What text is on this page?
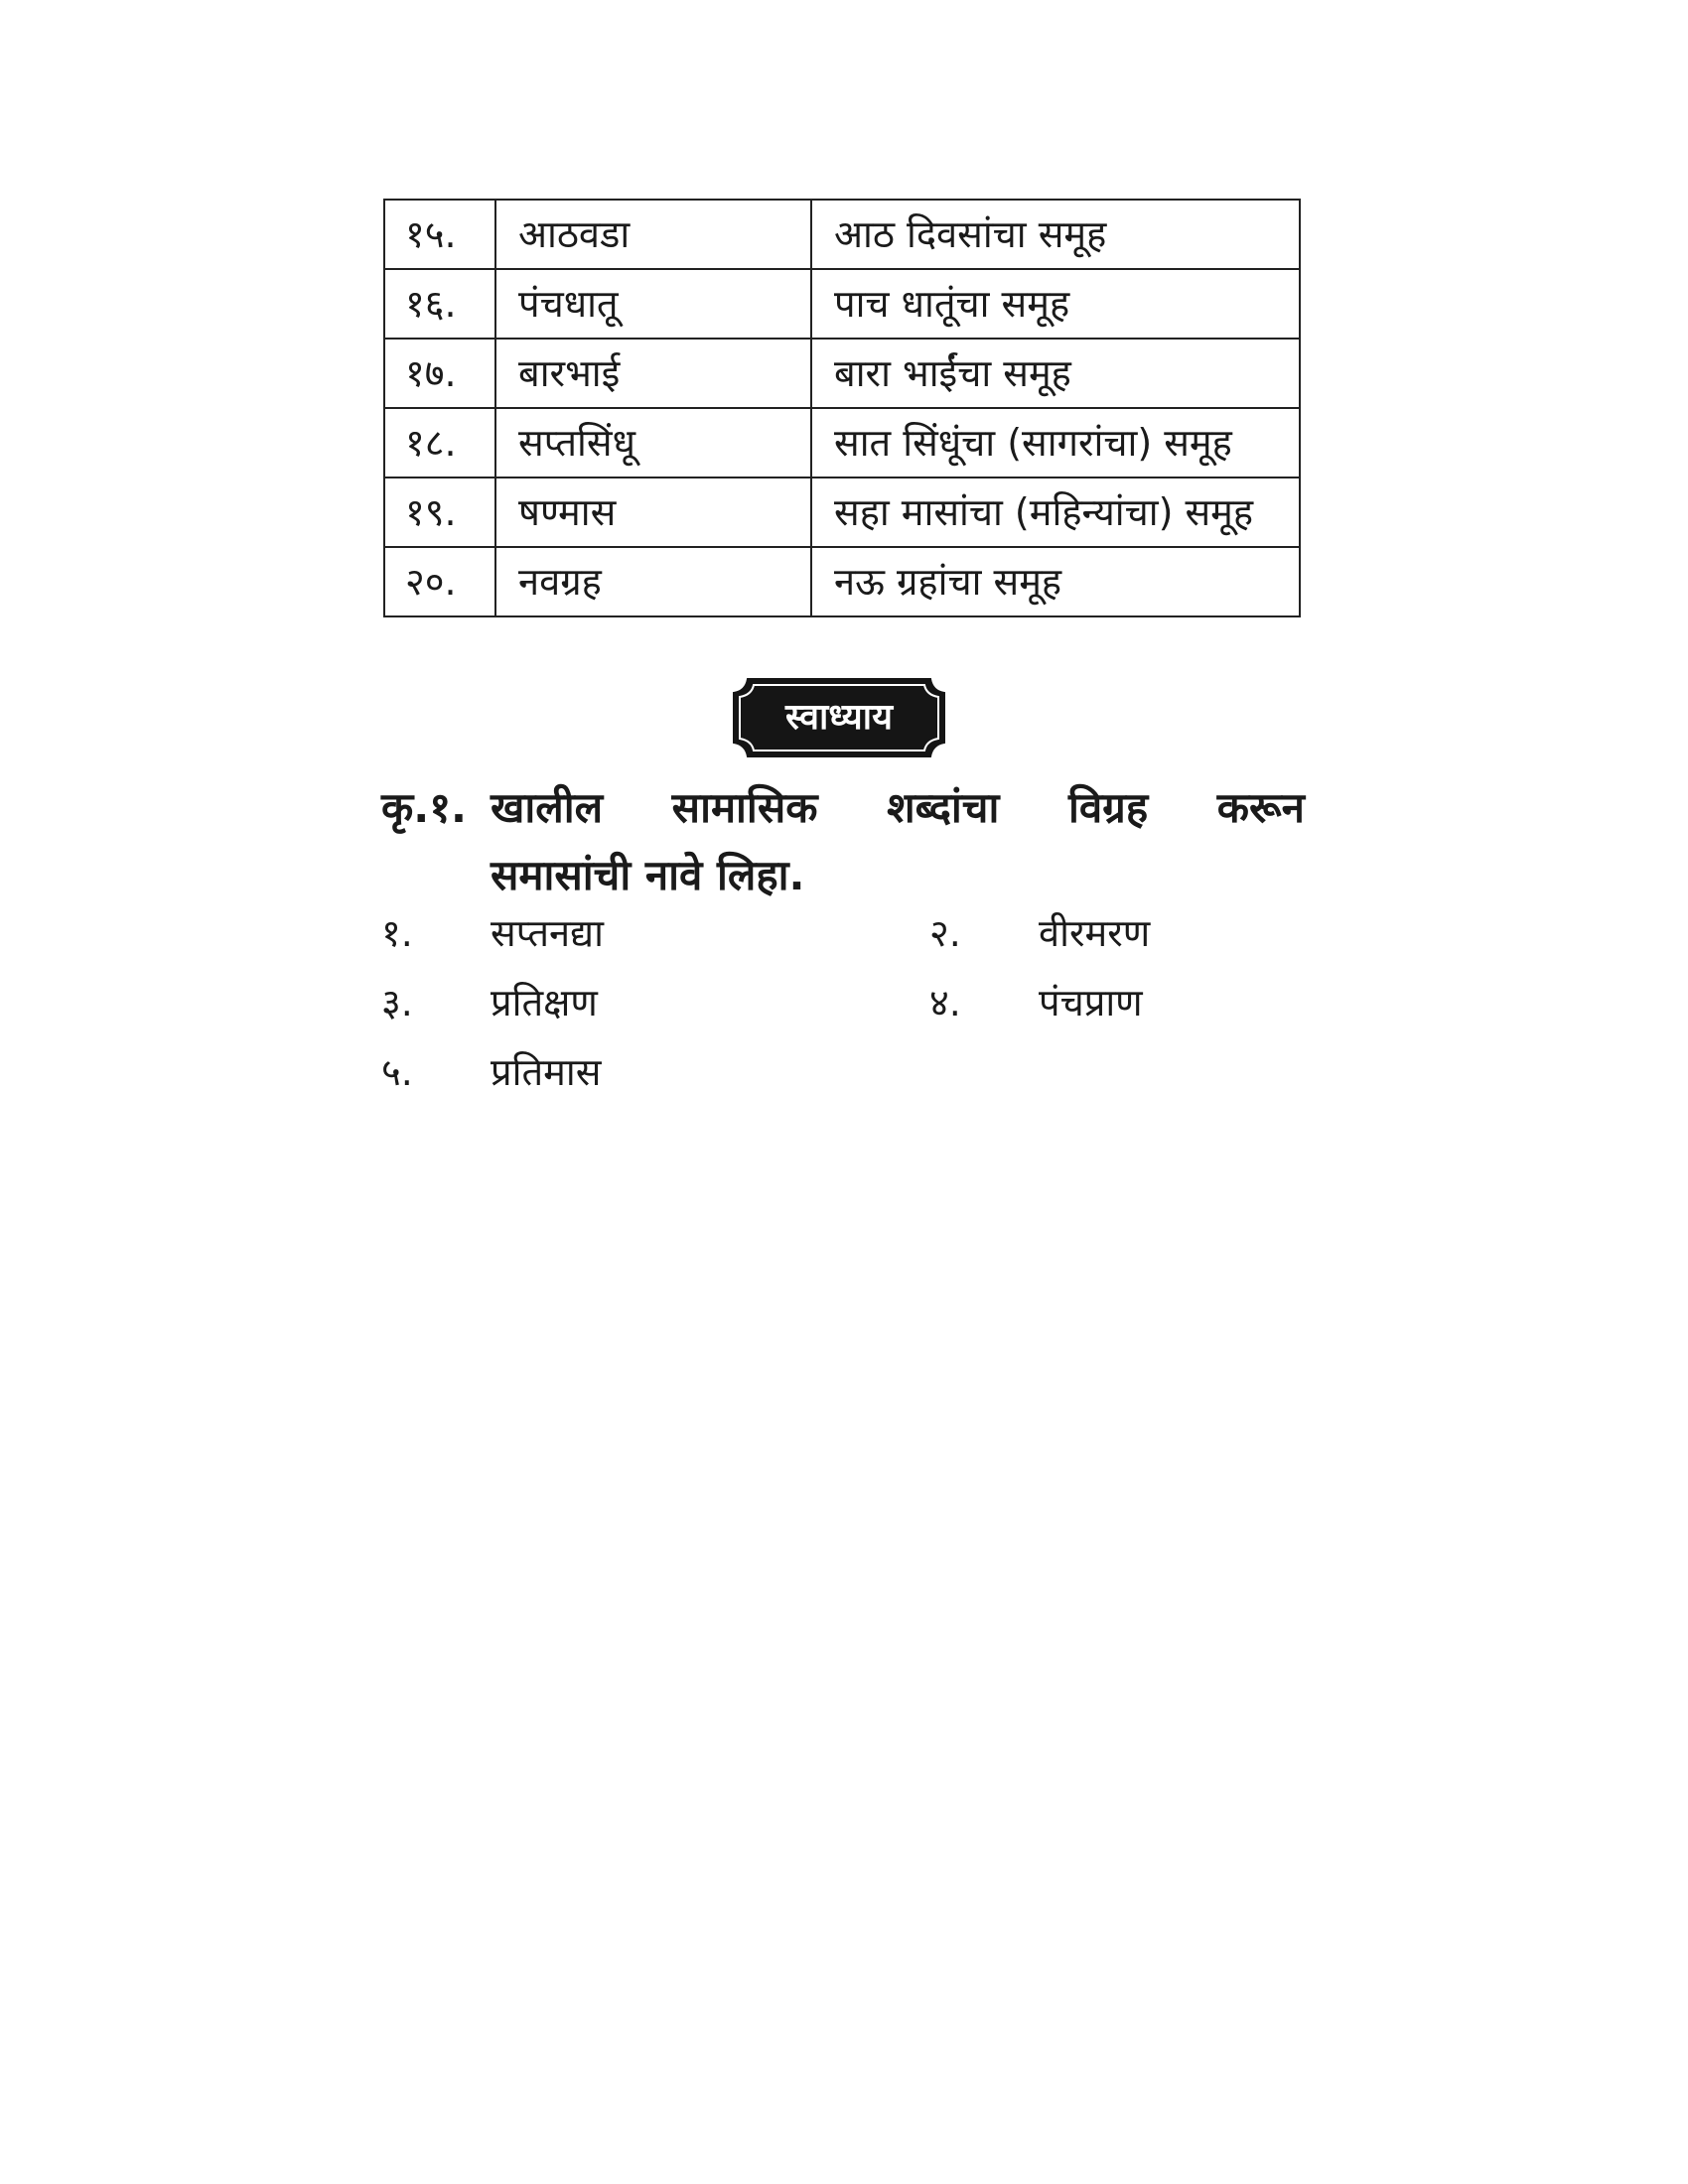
१५.	आठवडा	आठ दिवसांचा समूह
१६.	पंचधातू	पाच धातूंचा समूह
१७.	बारभाई	बारा भाईंचा समूह
१८.	सप्तसिंधू	सात सिंधूंचा (सागरांचा) समूह
१९.	षण्मास	सहा मासांचा (महिन्यांचा) समूह
२०.	नवग्रह	नऊ ग्रहांचा समूह
स्वाध्याय
कृ.१. खालील सामासिक शब्दांचा विग्रह करून
समासांची नावे लिहा.
१. सप्तनद्या	२. वीरमरण
३. प्रतिक्षण	४. पंचप्राण
५. प्रतिमास
